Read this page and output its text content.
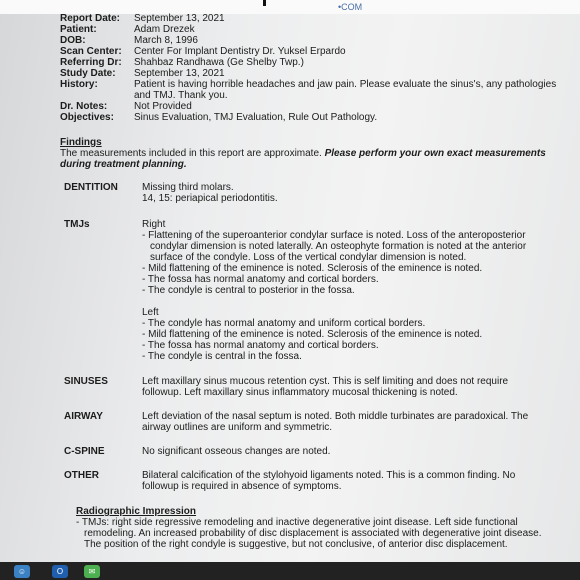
•COM
Report Date:	September 13, 2021
Patient:	Adam Drezek
DOB:	March 8, 1996
Scan Center:	Center For Implant Dentistry Dr. Yuksel Erpardo
Referring Dr:	Shahbaz Randhawa (Ge Shelby Twp.)
Study Date:	September 13, 2021
History:	Patient is having horrible headaches and jaw pain. Please evaluate the sinus's, any pathologies and TMJ. Thank you.
Dr. Notes:	Not Provided
Objectives:	Sinus Evaluation, TMJ Evaluation, Rule Out Pathology.
Findings
The measurements included in this report are approximate. Please perform your own exact measurements during treatment planning.
DENTITION	Missing third molars.
14, 15: periapical periodontitis.
TMJs	Right
- Flattening of the superoanterior condylar surface is noted. Loss of the anteroposterior
condylar dimension is noted laterally. An osteophyte formation is noted at the anterior
surface of the condyle. Loss of the vertical condylar dimension is noted.
- Mild flattening of the eminence is noted. Sclerosis of the eminence is noted.
- The fossa has normal anatomy and cortical borders.
- The condyle is central to posterior in the fossa.
Left
- The condyle has normal anatomy and uniform cortical borders.
- Mild flattening of the eminence is noted. Sclerosis of the eminence is noted.
- The fossa has normal anatomy and cortical borders.
- The condyle is central in the fossa.
SINUSES	Left maxillary sinus mucous retention cyst. This is self limiting and does not require
followup. Left maxillary sinus inflammatory mucosal thickening is noted.
AIRWAY	Left deviation of the nasal septum is noted. Both middle turbinates are paradoxical. The
airway outlines are uniform and symmetric.
C-SPINE	No significant osseous changes are noted.
OTHER	Bilateral calcification of the stylohyoid ligaments noted. This is a common finding. No
followup is required in absence of symptoms.
Radiographic Impression
- TMJs: right side regressive remodeling and inactive degenerative joint disease. Left side functional
remodeling. An increased probability of disc displacement is associated with degenerative joint disease.
The position of the right condyle is suggestive, but not conclusive, of anterior disc displacement.
☺	O	✉
